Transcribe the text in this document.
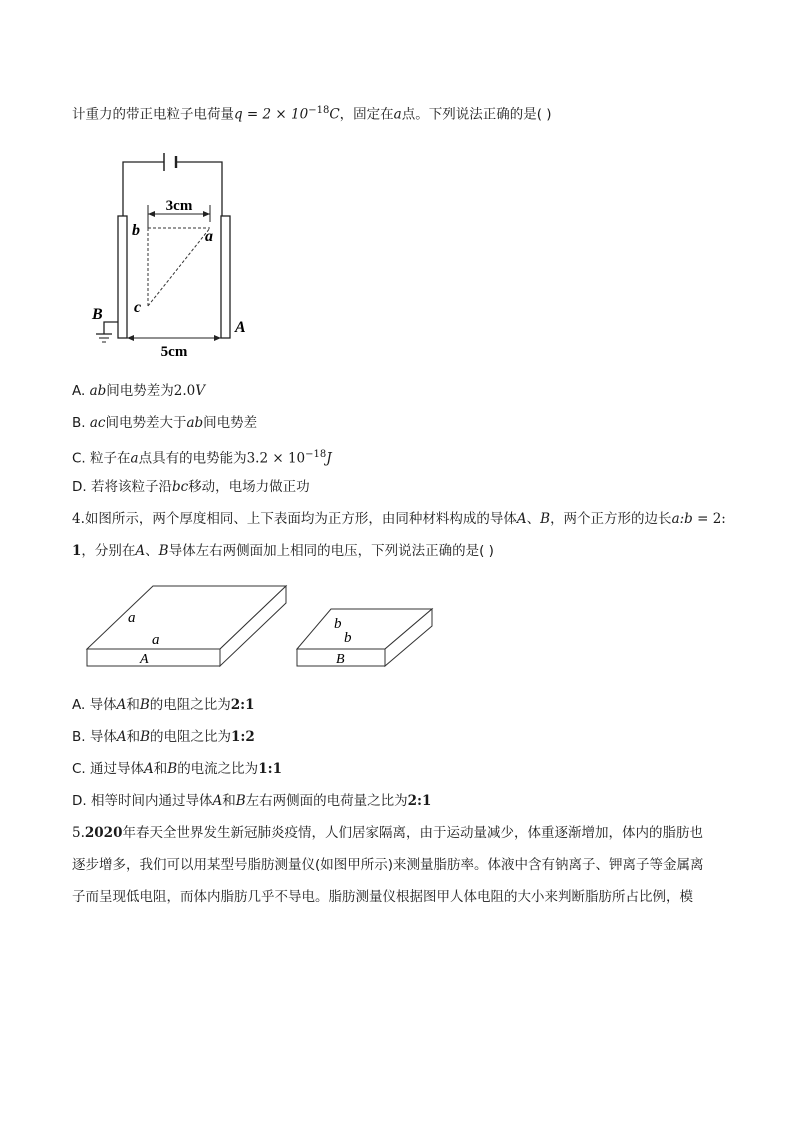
计重力的带正电粒子电荷量$q = 2 \times 10^{-18}C$，固定在a点。下列说法正确的是( )
3cm
b	a
c
B
A
5cm
A. ab间电势差为2.0V
B. ac间电势差大于ab间电势差
C. 粒子在a点具有的电势能为$3.2 \times 10^{-18}J$
D. 若将该粒子沿bc移动，电场力做正功
4.如图所示，两个厚度相同、上下表面均为正方形，由同种材料构成的导体A、B，两个正方形的边长a:b = 2:
1，分别在A、B导体左右两侧面加上相同的电压，下列说法正确的是( )
a
a
A
b
b
B
A. 导体A和B的电阻之比为2:1
B. 导体A和B的电阻之比为1:2
C. 通过导体A和B的电流之比为1:1
D. 相等时间内通过导体A和B左右两侧面的电荷量之比为2:1
5.2020年春天全世界发生新冠肺炎疫情，人们居家隔离，由于运动量减少，体重逐渐增加，体内的脂肪也
逐步增多，我们可以用某型号脂肪测量仪(如图甲所示)来测量脂肪率。体液中含有钠离子、钾离子等金属离
子而呈现低电阻，而体内脂肪几乎不导电。脂肪测量仪根据图甲人体电阻的大小来判断脂肪所占比例，模
